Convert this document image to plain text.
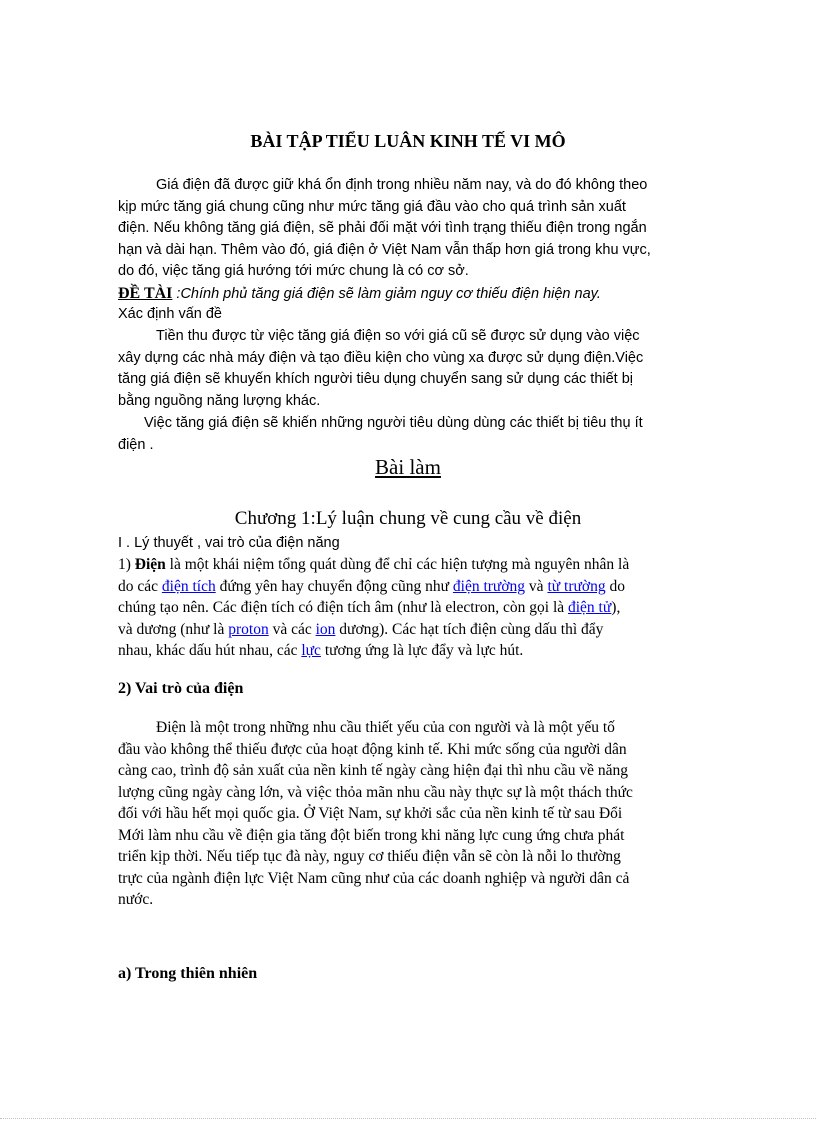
BÀI TẬP TIỂU LUÂN KINH TẾ VI MÔ
Giá điện đã được giữ khá ổn định trong nhiều năm nay, và do đó không theo
kịp mức tăng giá chung cũng như mức tăng giá đầu vào cho quá trình sản xuất
điện. Nếu không tăng giá điện, sẽ phải đối mặt với tình trạng thiếu điện trong ngắn
hạn và dài hạn. Thêm vào đó, giá điện ở Việt Nam vẫn thấp hơn giá trong khu vực,
do đó, việc tăng giá hướng tới mức chung là có cơ sở.
ĐỀ TÀI :Chính phủ tăng giá điện sẽ làm giảm nguy cơ thiếu điện hiện nay.
Xác định vấn đề
Tiền thu được từ việc tăng giá điện so với giá cũ sẽ được sử dụng vào việc
xây dựng các nhà máy điện và tạo điều kiện cho vùng xa được sử dụng điện.Việc
tăng giá điện sẽ khuyến khích người tiêu dụng chuyển sang sử dụng các thiết bị
bằng nguồng năng lượng khác.
Việc tăng giá điện sẽ khiến những người tiêu dùng dùng các thiết bị tiêu thụ ít
điện .
Bài làm
Chương 1:Lý luận chung về cung cầu về điện
I . Lý thuyết , vai trò của điện năng
1) Điện là một khái niệm tổng quát dùng để chỉ các hiện tượng mà nguyên nhân là
do các điện tích đứng yên hay chuyển động cũng như điện trường và từ trường do
chúng tạo nên. Các điện tích có điện tích âm (như là electron, còn gọi là điện tử),
và dương (như là proton và các ion dương). Các hạt tích điện cùng dấu thì đẩy
nhau, khác dấu hút nhau, các lực tương ứng là lực đẩy và lực hút.
2) Vai trò của điện
Điện là một trong những nhu cầu thiết yếu của con người và là một yếu tố
đầu vào không thể thiếu được của hoạt động kinh tế. Khi mức sống của người dân
càng cao, trình độ sản xuất của nền kinh tế ngày càng hiện đại thì nhu cầu về năng
lượng cũng ngày càng lớn, và việc thỏa mãn nhu cầu này thực sự là một thách thức
đối với hầu hết mọi quốc gia. Ở Việt Nam, sự khởi sắc của nền kinh tế từ sau Đổi
Mới làm nhu cầu về điện gia tăng đột biến trong khi năng lực cung ứng chưa phát
triển kịp thời. Nếu tiếp tục đà này, nguy cơ thiếu điện vẫn sẽ còn là nỗi lo thường
trực của ngành điện lực Việt Nam cũng như của các doanh nghiệp và người dân cả
nước.
a) Trong thiên nhiên
